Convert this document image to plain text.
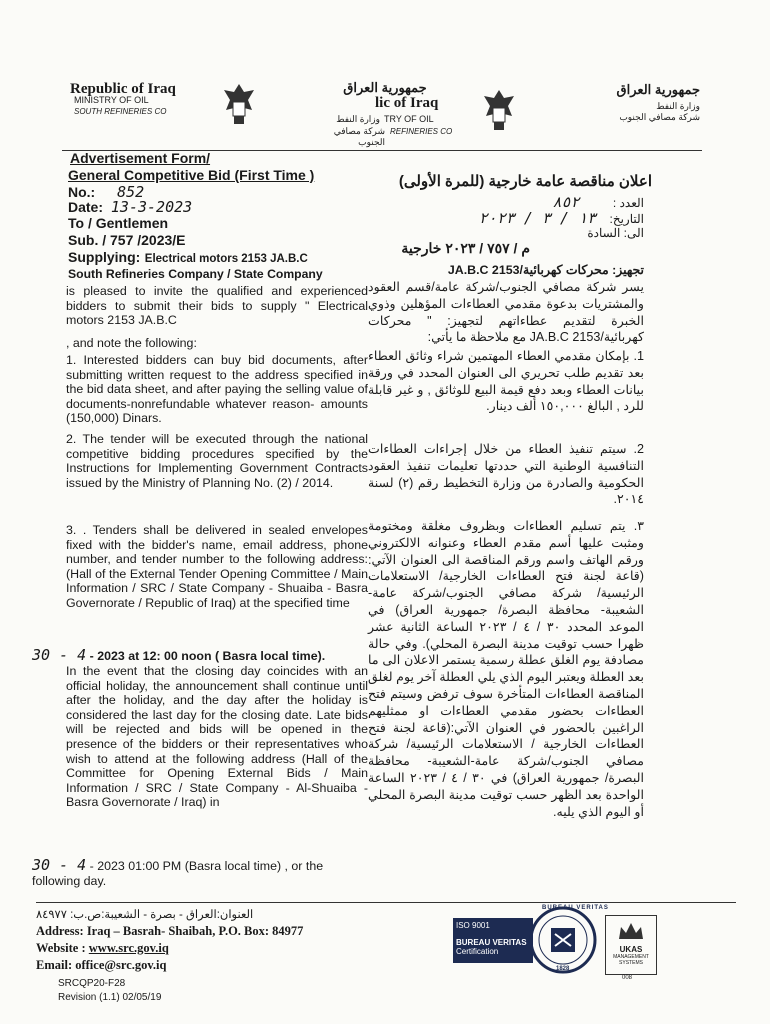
Republic of Iraq
MINISTRY OF OIL
SOUTH REFINERIES CO
جمهورية العراق
lic of Iraq
وزارة النفط TRY OF OIL
شركة مصافي الجنوب
REFINERIES CO
جمهورية العراق
وزارة النفط
شركة مصافي الجنوب
Advertisement Form/
General Competitive Bid (First Time )
No.: 852
Date: 13-3-2023
To / Gentlemen
Sub. / 757 /2023/E
Supplying: Electrical motors 2153 JA.B.C
South Refineries Company / State Company
is pleased to invite the qualified and experienced bidders to submit their bids to supply " Electrical motors 2153 JA.B.C
, and note the following:
1. Interested bidders can buy bid documents, after submitting written request to the address specified in the bid data sheet, and after paying the selling value of documents-nonrefundable whatever reason- amounts (150,000) Dinars.
2. The tender will be executed through the national competitive bidding procedures specified by the Instructions for Implementing Government Contracts issued by the Ministry of Planning No. (2) / 2014.
3. . Tenders shall be delivered in sealed envelopes fixed with the bidder's name, email address, phone number, and tender number to the following address: (Hall of the External Tender Opening Committee / Main Information / SRC / State Company - Shuaiba - Basra Governorate / Republic of Iraq) at the specified time
30 - 4 - 2023 at 12: 00 noon ( Basra local time).
In the event that the closing day coincides with an official holiday, the announcement shall continue until after the holiday, and the day after the holiday is considered the last day for the closing date. Late bids will be rejected and bids will be opened in the presence of the bidders or their representatives who wish to attend at the following address (Hall of the Committee for Opening External Bids / Main Information / SRC / State Company - Al-Shuaiba - Basra Governorate / Iraq) in
30 - 4 - 2023 01:00 PM (Basra local time) , or the following day.
اعلان مناقصة عامة خارجية (للمرة الأولى)
العدد : ٨٥٢
التاريخ: ١٣ / ٣ / ٢٠٢٣
الى: السادة
م / ٧٥٧ / ٢٠٢٣ خارجية
تجهيز: محركات كهربائية/JA.B.C 2153
يسر شركة مصافي الجنوب/شركة عامة/قسم العقود والمشتريات بدعوة مقدمي العطاءات المؤهلين وذوي الخبرة لتقديم عطاءاتهم لتجهيز: " محركات كهربائية/JA.B.C 2153 مع ملاحظة ما يأتي:
1. بإمكان مقدمي العطاء المهتمين شراء وثائق العطاء بعد تقديم طلب تحريري الى العنوان المحدد في ورقة بيانات العطاء وبعد دفع قيمة البيع للوثائق , و غير قابلة للرد , البالغ ١٥٠,٠٠٠ ألف دينار.
2. سيتم تنفيذ العطاء من خلال إجراءات العطاءات التنافسية الوطنية التي حددتها تعليمات تنفيذ العقود الحكومية والصادرة من وزارة التخطيط رقم (٢) لسنة ٢٠١٤.
٣. يتم تسليم العطاءات وبظروف مغلقة ومختومة ومثبت عليها أسم مقدم العطاء وعنوانه الالكتروني ورقم الهاتف واسم ورقم المناقصة الى العنوان الآتي: (قاعة لجنة فتح العطاءات الخارجية/ الاستعلامات الرئيسية/ شركة مصافي الجنوب/شركة عامة- الشعيبة- محافظة البصرة/ جمهورية العراق) في الموعد المحدد ٣٠ / ٤ / ٢٠٢٣ الساعة الثانية عشر ظهرا حسب توقيت مدينة البصرة المحلي). وفي حالة مصادفة يوم الغلق عطلة رسمية يستمر الاعلان الى ما بعد العطلة ويعتبر اليوم الذي يلي العطلة آخر يوم لغلق المناقصة العطاءات المتأخرة سوف ترفض وسيتم فتح العطاءات بحضور مقدمي العطاءات او ممثليهم الراغبين بالحضور في العنوان الآتي:(قاعة لجنة فتح العطاءات الخارجية / الاستعلامات الرئيسية/ شركة مصافي الجنوب/شركة عامة-الشعيبة- محافظة البصرة/ جمهورية العراق) في ٣٠ / ٤ / ٢٠٢٣ الساعة الواحدة بعد الظهر حسب توقيت مدينة البصرة المحلي أو اليوم الذي يليه.
العنوان:العراق - بصرة - الشعيبة:ص.ب: ٨٤٩٧٧
Address: Iraq – Basrah- Shaibah, P.O. Box: 84977
Website : www.src.gov.iq
Email: office@src.gov.iq
SRCQP20-F28
Revision (1.1) 02/05/19
ISO 9001
BUREAU VERITAS
Certification
BUREAU VERITAS
1828
UKAS
MANAGEMENT SYSTEMS
008
